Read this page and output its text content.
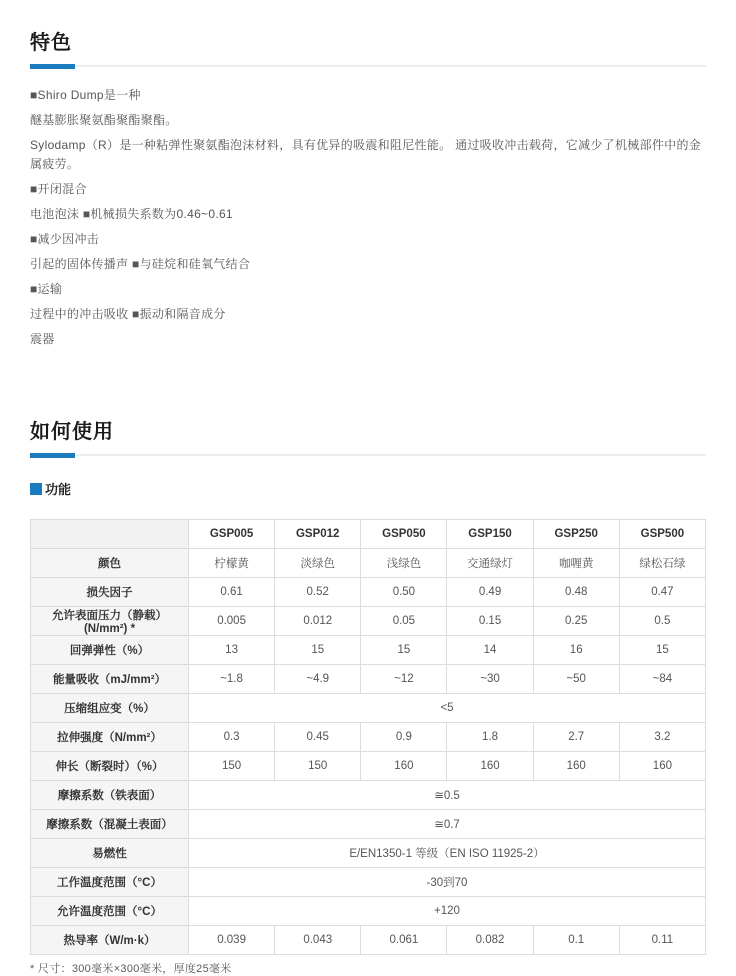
特色

■Shiro Dump是一种

醚基膨胀聚氨酯聚酯聚酯。

Sylodamp（R）是一种粘弹性聚氨酯泡沫材料，具有优异的吸震和阻尼性能。 通过吸收冲击载荷，它减少了机械部件中的金属疲劳。

■开闭混合

电池泡沫 ■机械损失系数为0.46~0.61

■减少因冲击

引起的固体传播声 ■与硅烷和硅氧气结合

■运输

过程中的冲击吸收 ■振动和隔音成分

震器

如何使用
功能
	GSP005	GSP012	GSP050	GSP150	GSP250	GSP500
颜色	柠檬黄	淡绿色	浅绿色	交通绿灯	咖喱黄	绿松石绿
损失因子	0.61	0.52	0.50	0.49	0.48	0.47
允许表面压力（静载）(N/mm²) *	0.005	0.012	0.05	0.15	0.25	0.5
回弹弹性（%）	13	15	15	14	16	15
能量吸收（mJ/mm²）	~1.8	~4.9	~12	~30	~50	~84
压缩组应变（%）	<5					
拉伸强度（N/mm²）	0.3	0.45	0.9	1.8	2.7	3.2
伸长（断裂时）（%）	150	150	160	160	160	160
摩擦系数（铁表面）	≅0.5					
摩擦系数（混凝土表面）	≅0.7					
易燃性	E/EN1350-1 等级（EN ISO 11925-2）					
工作温度范围（°C）	-30到70					
允许温度范围（°C）	+120					
热导率（W/m·k）	0.039	0.043	0.061	0.082	0.1	0.11

* 尺寸：300毫米×300毫米，厚度25毫米
